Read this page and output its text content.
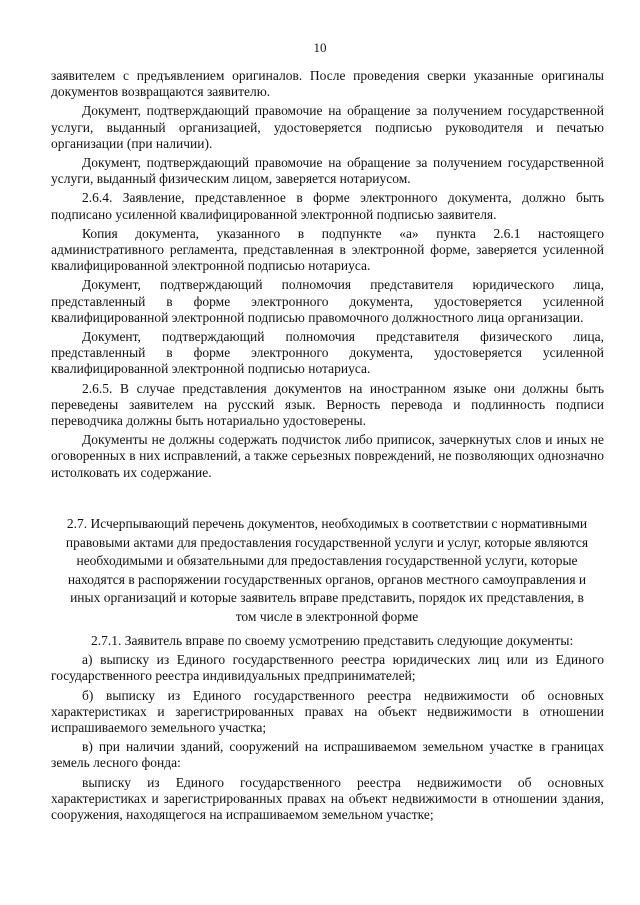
10

заявителем с предъявлением оригиналов. После проведения сверки указанные оригиналы документов возвращаются заявителю.

Документ, подтверждающий правомочие на обращение за получением государственной услуги, выданный организацией, удостоверяется подписью руководителя и печатью организации (при наличии).

Документ, подтверждающий правомочие на обращение за получением государственной услуги, выданный физическим лицом, заверяется нотариусом.

2.6.4. Заявление, представленное в форме электронного документа, должно быть подписано усиленной квалифицированной электронной подписью заявителя.

Копия документа, указанного в подпункте «а» пункта 2.6.1 настоящего административного регламента, представленная в электронной форме, заверяется усиленной квалифицированной электронной подписью нотариуса.

Документ, подтверждающий полномочия представителя юридического лица, представленный в форме электронного документа, удостоверяется усиленной квалифицированной электронной подписью правомочного должностного лица организации.

Документ, подтверждающий полномочия представителя физического лица, представленный в форме электронного документа, удостоверяется усиленной квалифицированной электронной подписью нотариуса.

2.6.5. В случае представления документов на иностранном языке они должны быть переведены заявителем на русский язык. Верность перевода и подлинность подписи переводчика должны быть нотариально удостоверены.

Документы не должны содержать подчисток либо приписок, зачеркнутых слов и иных не оговоренных в них исправлений, а также серьезных повреждений, не позволяющих однозначно истолковать их содержание.

2.7. Исчерпывающий перечень документов, необходимых в соответствии с нормативными правовыми актами для предоставления государственной услуги и услуг, которые являются необходимыми и обязательными для предоставления государственной услуги, которые находятся в распоряжении государственных органов, органов местного самоуправления и иных организаций и которые заявитель вправе представить, порядок их представления, в том числе в электронной форме

2.7.1. Заявитель вправе по своему усмотрению представить следующие документы:

а) выписку из Единого государственного реестра юридических лиц или из Единого государственного реестра индивидуальных предпринимателей;

б) выписку из Единого государственного реестра недвижимости об основных характеристиках и зарегистрированных правах на объект недвижимости в отношении испрашиваемого земельного участка;

в) при наличии зданий, сооружений на испрашиваемом земельном участке в границах земель лесного фонда:

выписку из Единого государственного реестра недвижимости об основных характеристиках и зарегистрированных правах на объект недвижимости в отношении здания, сооружения, находящегося на испрашиваемом земельном участке;
